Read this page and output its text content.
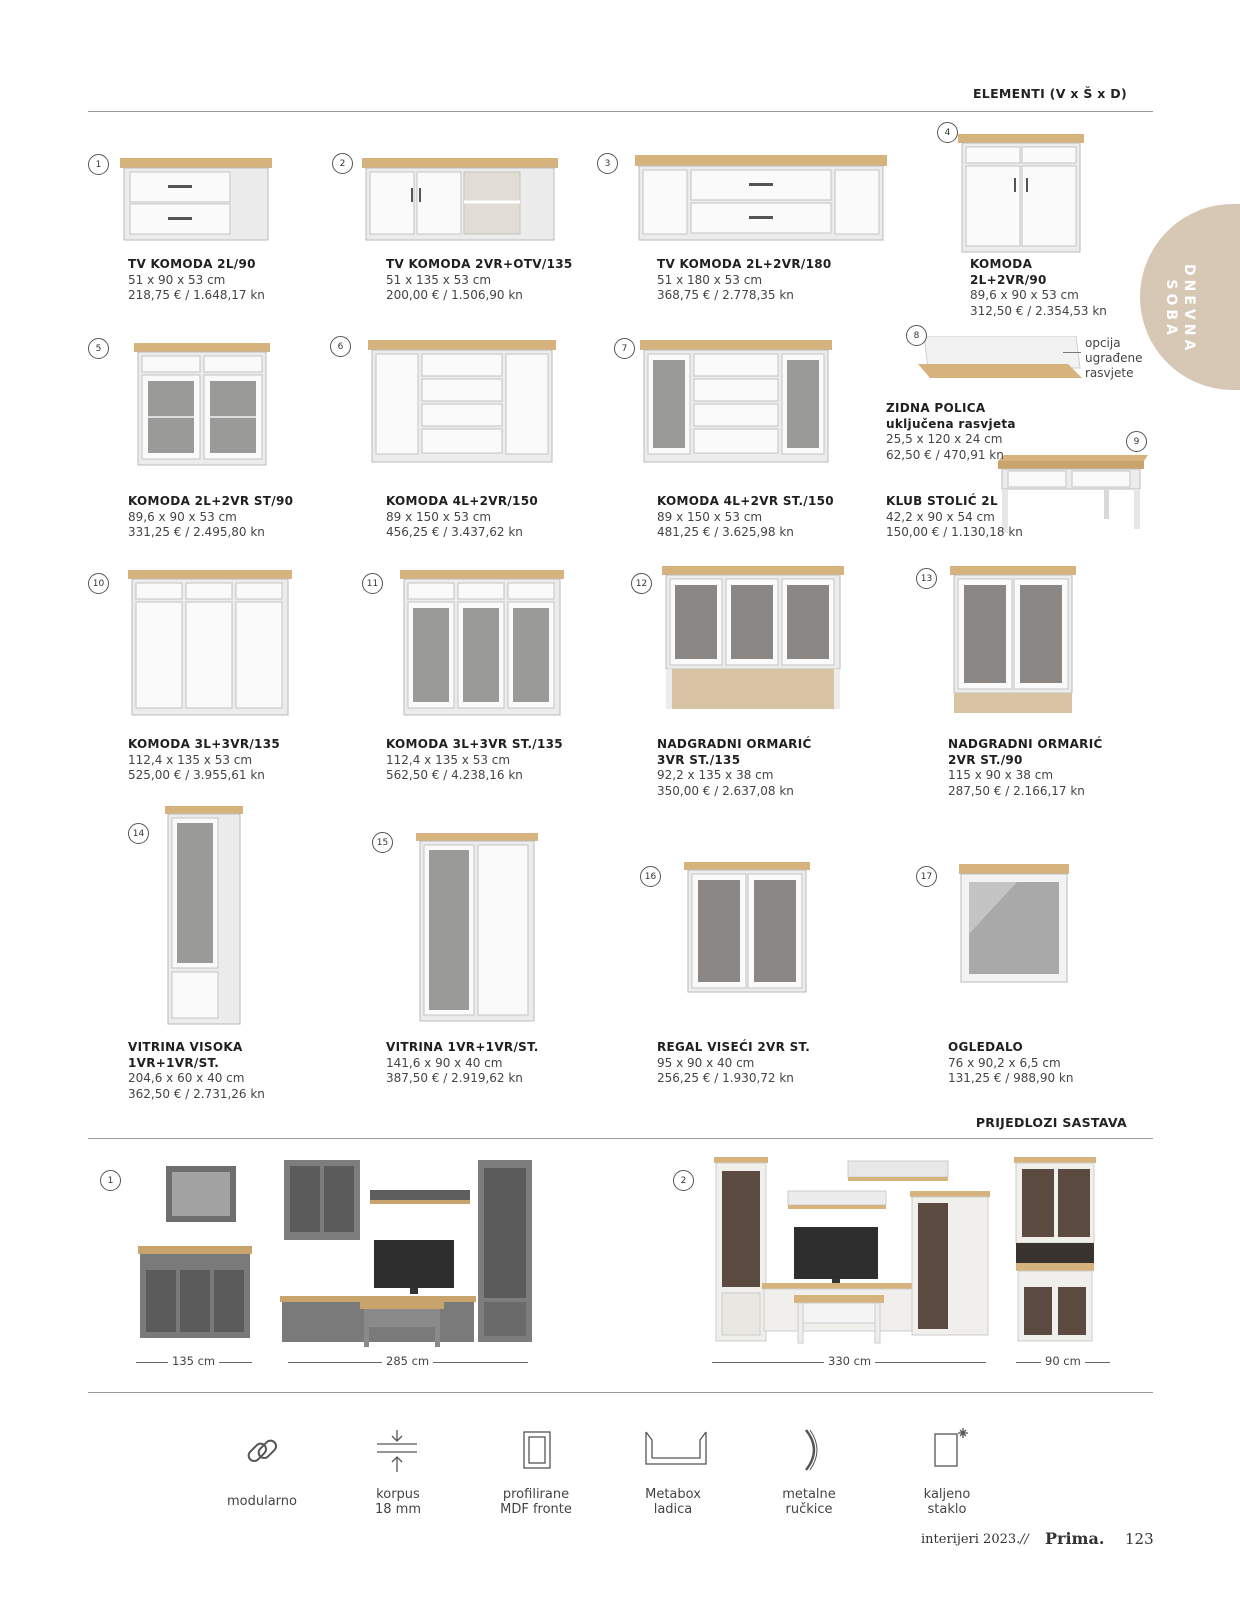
ELEMENTI (V x Š x D)
DNEVNA
SOBA
opcija
ugrađene
rasvjete
1	2	3
4
5	6	7
8
9
10	11	12	13
14
15
16	17
TV KOMODA 2L/90
51 x 90 x 53 cm
218,75 € / 1.648,17 kn
TV KOMODA 2VR+OTV/135
51 x 135 x 53 cm
200,00 € / 1.506,90 kn
TV KOMODA 2L+2VR/180
51 x 180 x 53 cm
368,75 € / 2.778,35 kn
KOMODA
2L+2VR/90
89,6 x 90 x 53 cm
312,50 € / 2.354,53 kn
KOMODA 2L+2VR ST/90
89,6 x 90 x 53 cm
331,25 € / 2.495,80 kn
KOMODA 4L+2VR/150
89 x 150 x 53 cm
456,25 € / 3.437,62 kn
KOMODA 4L+2VR ST./150
89 x 150 x 53 cm
481,25 € / 3.625,98 kn
ZIDNA POLICA
uključena rasvjeta
25,5 x 120 x 24 cm
62,50 € / 470,91 kn
KLUB STOLIĆ 2L
42,2 x 90 x 54 cm
150,00 € / 1.130,18 kn
KOMODA 3L+3VR/135
112,4 x 135 x 53 cm
525,00 € / 3.955,61 kn
KOMODA 3L+3VR ST./135
112,4 x 135 x 53 cm
562,50 € / 4.238,16 kn
NADGRADNI ORMARIĆ
3VR ST./135
92,2 x 135 x 38 cm
350,00 € / 2.637,08 kn
NADGRADNI ORMARIĆ
2VR ST./90
115 x 90 x 38 cm
287,50 € / 2.166,17 kn
VITRINA VISOKA
1VR+1VR/ST.
204,6 x 60 x 40 cm
362,50 € / 2.731,26 kn
VITRINA 1VR+1VR/ST.
141,6 x 90 x 40 cm
387,50 € / 2.919,62 kn
REGAL VISEĆI 2VR ST.
95 x 90 x 40 cm
256,25 € / 1.930,72 kn
OGLEDALO
76 x 90,2 x 6,5 cm
131,25 € / 988,90 kn
PRIJEDLOZI SASTAVA
1	2
135 cm	285 cm	330 cm	90 cm
modularno	korpus
18 mm
profilirane
MDF fronte
Metabox
ladica
metalne
ručkice
kaljeno
staklo
interijeri 2023. // Prima. 123
